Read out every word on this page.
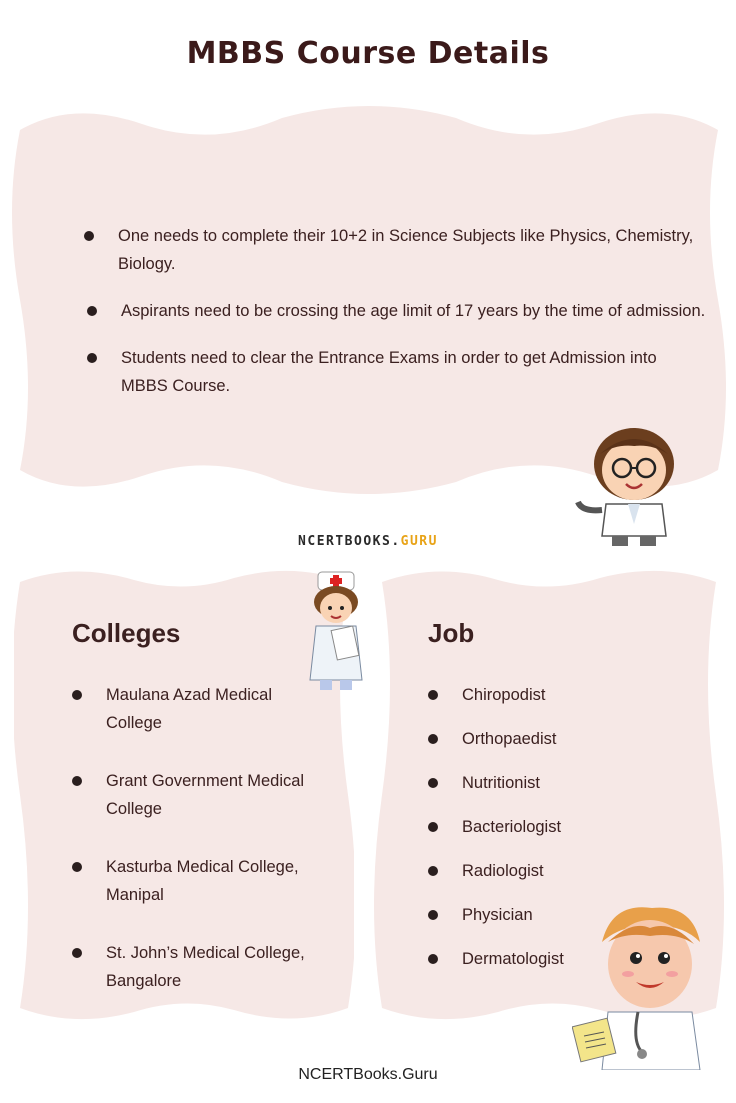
MBBS Course Details
One needs to complete their 10+2 in Science Subjects like Physics, Chemistry, Biology.
Aspirants need to be crossing the age limit of 17 years by the time of admission.
Students need to clear the Entrance Exams in order to get Admission into MBBS Course.
NCERTBOOKS.GURU
Colleges
Maulana Azad Medical College
Grant Government Medical College
Kasturba Medical College, Manipal
St. John’s Medical College, Bangalore
Job
Chiropodist
Orthopaedist
Nutritionist
Bacteriologist
Radiologist
Physician
Dermatologist
NCERTBooks.Guru
